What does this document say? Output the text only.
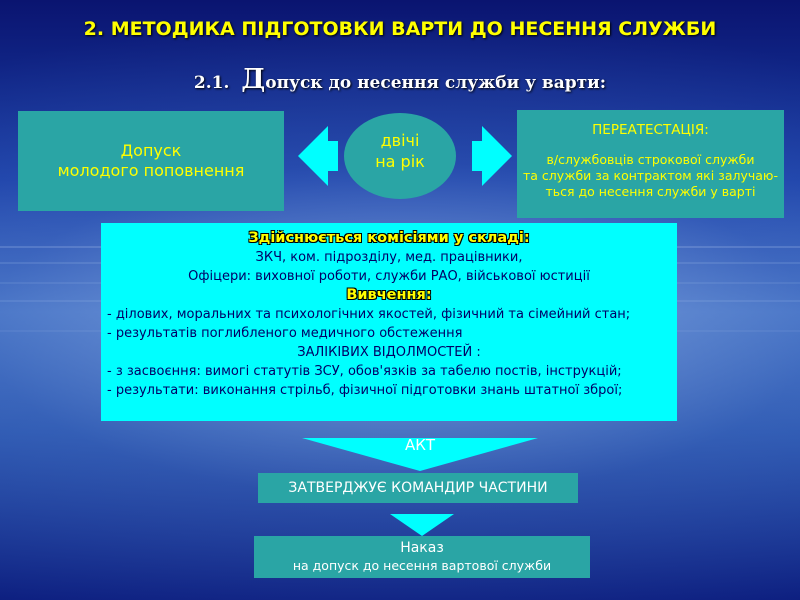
2. МЕТОДИКА ПІДГОТОВКИ ВАРТИ ДО НЕСЕННЯ СЛУЖБИ
2.1. Допуск до несення служби у варти:
Допуск
молодого поповнення
двічі
на рік
ПЕРЕАТЕСТАЦІЯ:
в/службовців строкової служби
та служби за контрактом які залучаю-
ться до несення служби у варті
Здійснюється комісіями у складі:
ЗКЧ, ком. підрозділу, мед. працівники,
Офіцери: виховної роботи, служби РАО, військової юстиції
Вивчення:
- ділових, моральних та психологічних якостей, фізичний та сімейний стан;
- результатів поглибленого медичного обстеження
ЗАЛІКІВИХ ВІДОЛМОСТЕЙ :
- з засвоєння: вимогі статутів ЗСУ, обов'язків за табелю постів, інструкцій;
- результати: виконання стрільб, фізичної підготовки знань штатної зброї;
АКТ
ЗАТВЕРДЖУЄ КОМАНДИР ЧАСТИНИ
Наказ
на допуск до несення вартової служби
